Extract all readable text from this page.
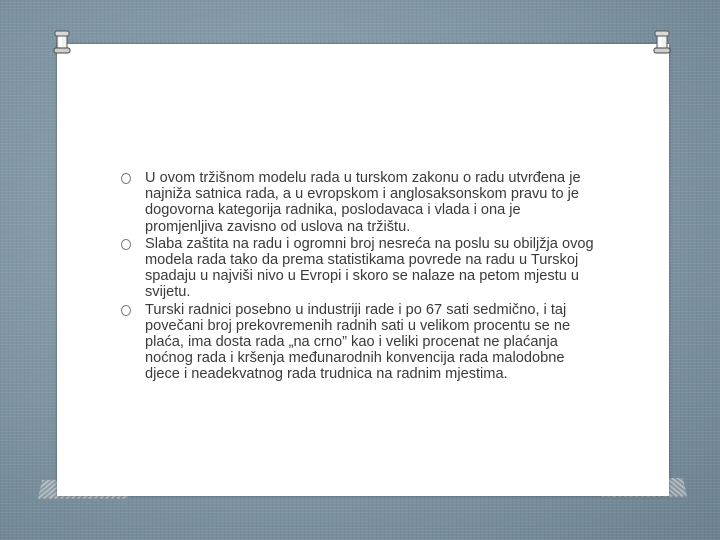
U ovom tržišnom modelu rada u turskom zakonu o radu utvrđena je najniža satnica rada, a u evropskom i anglosaksonskom pravu to je dogovorna kategorija radnika, poslodavaca i vlada i ona je promjenljiva zavisno od uslova na tržištu.
Slaba zaštita na radu i ogromni broj nesreća na poslu su obiljžja ovog modela rada tako da prema statistikama povrede na radu u Turskoj spadaju u najviši nivo u Evropi i skoro se nalaze na petom mjestu u svijetu.
Turski radnici posebno u industriji rade i po 67 sati sedmično, i taj povečani broj prekovremenih radnih sati u velikom procentu se ne plaća, ima dosta rada „na crno” kao i veliki procenat ne plaćanja noćnog rada i kršenja međunarodnih konvencija rada malodobne djece i neadekvatnog rada trudnica na radnim mjestima.
